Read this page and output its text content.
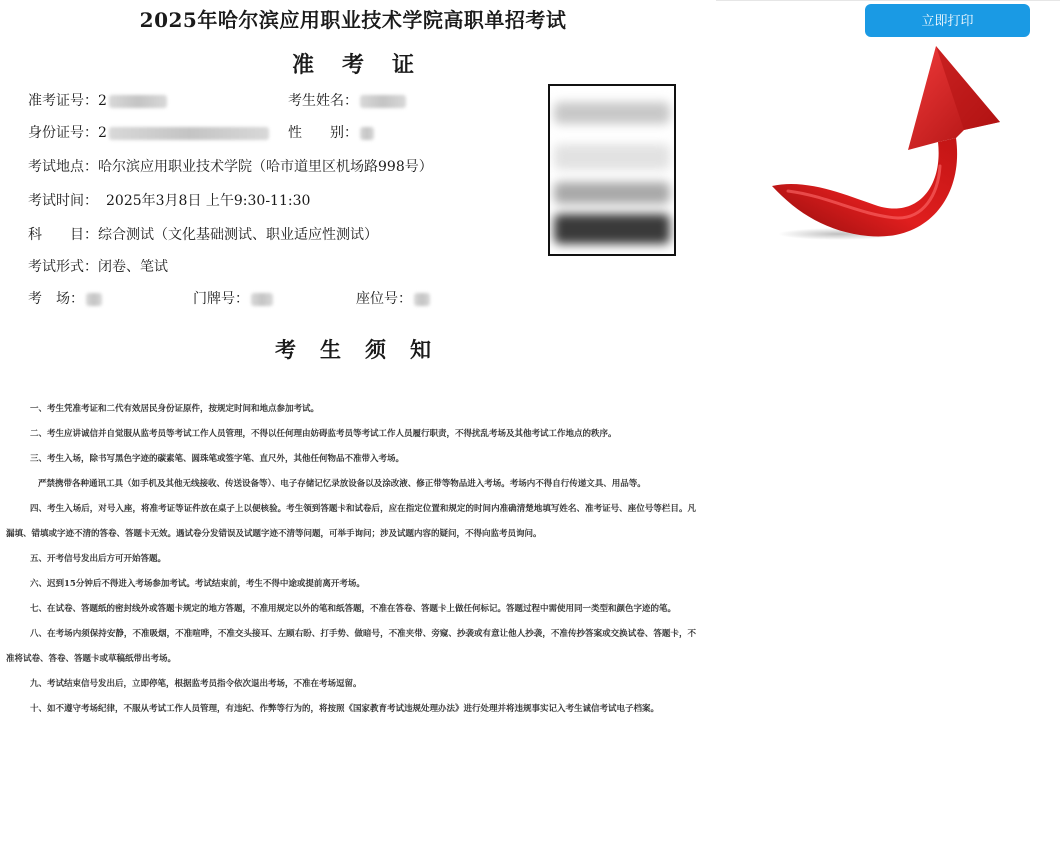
2025年哈尔滨应用职业技术学院高职单招考试
准考证
准考证号：2	考生姓名：
身份证号：2	性　　别：
考试地点：哈尔滨应用职业技术学院（哈市道里区机场路998号）
考试时间： 2025年3月8日 上午9:30-11:30
科　　目：综合测试（文化基础测试、职业适应性测试）
考试形式：闭卷、笔试
考　场：	门牌号：	座位号：
考生须知

一、考生凭准考证和二代有效居民身份证原件，按规定时间和地点参加考试。

二、考生应讲诚信并自觉服从监考员等考试工作人员管理，不得以任何理由妨碍监考员等考试工作人员履行职责，不得扰乱考场及其他考试工作地点的秩序。

三、考生入场，除书写黑色字迹的碳素笔、圆珠笔或签字笔、直尺外，其他任何物品不准带入考场。

严禁携带各种通讯工具（如手机及其他无线接收、传送设备等）、电子存储记忆录放设备以及涂改液、修正带等物品进入考场。考场内不得自行传递文具、用品等。

四、考生入场后，对号入座，将准考证等证件放在桌子上以便核验。考生领到答题卡和试卷后，应在指定位置和规定的时间内准确清楚地填写姓名、准考证号、座位号等栏目。凡漏填、错填或字迹不清的答卷、答题卡无效。遇试卷分发错误及试题字迹不清等问题，可举手询问；涉及试题内容的疑问，不得向监考员询问。

五、开考信号发出后方可开始答题。

六、迟到15分钟后不得进入考场参加考试。考试结束前，考生不得中途或提前离开考场。

七、在试卷、答题纸的密封线外或答题卡规定的地方答题，不准用规定以外的笔和纸答题，不准在答卷、答题卡上做任何标记。答题过程中需使用同一类型和颜色字迹的笔。

八、在考场内须保持安静，不准吸烟，不准喧哗，不准交头接耳、左顾右盼、打手势、做暗号，不准夹带、旁窥、抄袭或有意让他人抄袭，不准传抄答案或交换试卷、答题卡，不准将试卷、答卷、答题卡或草稿纸带出考场。

九、考试结束信号发出后，立即停笔，根据监考员指令依次退出考场，不准在考场逗留。

十、如不遵守考场纪律，不服从考试工作人员管理，有违纪、作弊等行为的，将按照《国家教育考试违规处理办法》进行处理并将违规事实记入考生诚信考试电子档案。

立即打印
